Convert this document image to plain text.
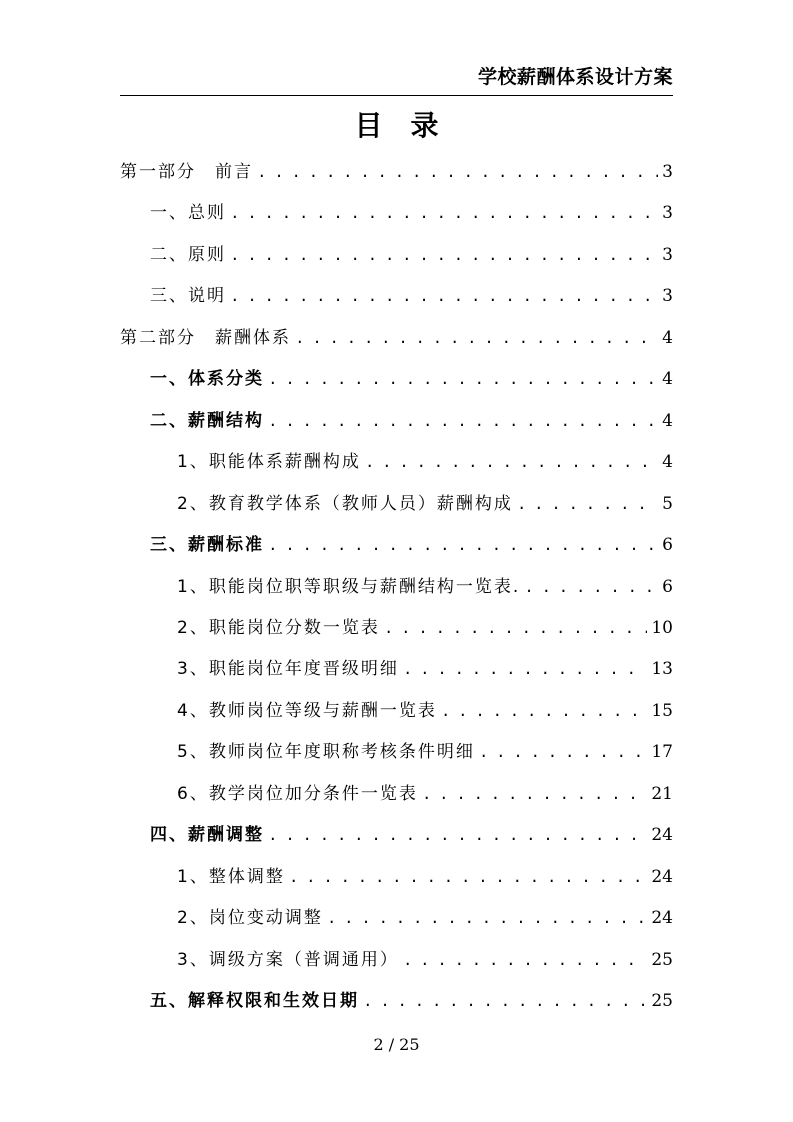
学校薪酬体系设计方案
目录
第一部分　前言 . . .	3
一、总则 . . .	3
二、原则 . . .	3
三、说明 . . .	3
第二部分　薪酬体系 . . .	4
一、体系分类 . . .	4
二、薪酬结构 . . .	4
1、职能体系薪酬构成 . . .	4
2、教育教学体系（教师人员）薪酬构成 . . .	5
三、薪酬标准 . . .	6
1、职能岗位职等职级与薪酬结构一览表. . . .	6
2、职能岗位分数一览表 . . .	10
3、职能岗位年度晋级明细 . . .	13
4、教师岗位等级与薪酬一览表 . . .	15
5、教师岗位年度职称考核条件明细 . . .	17
6、教学岗位加分条件一览表 . . .	21
四、薪酬调整 . . .	24
1、整体调整 . . .	24
2、岗位变动调整 . . .	24
3、调级方案（普调通用） . . .	25
五、解释权限和生效日期 . . .	25
2 / 25
